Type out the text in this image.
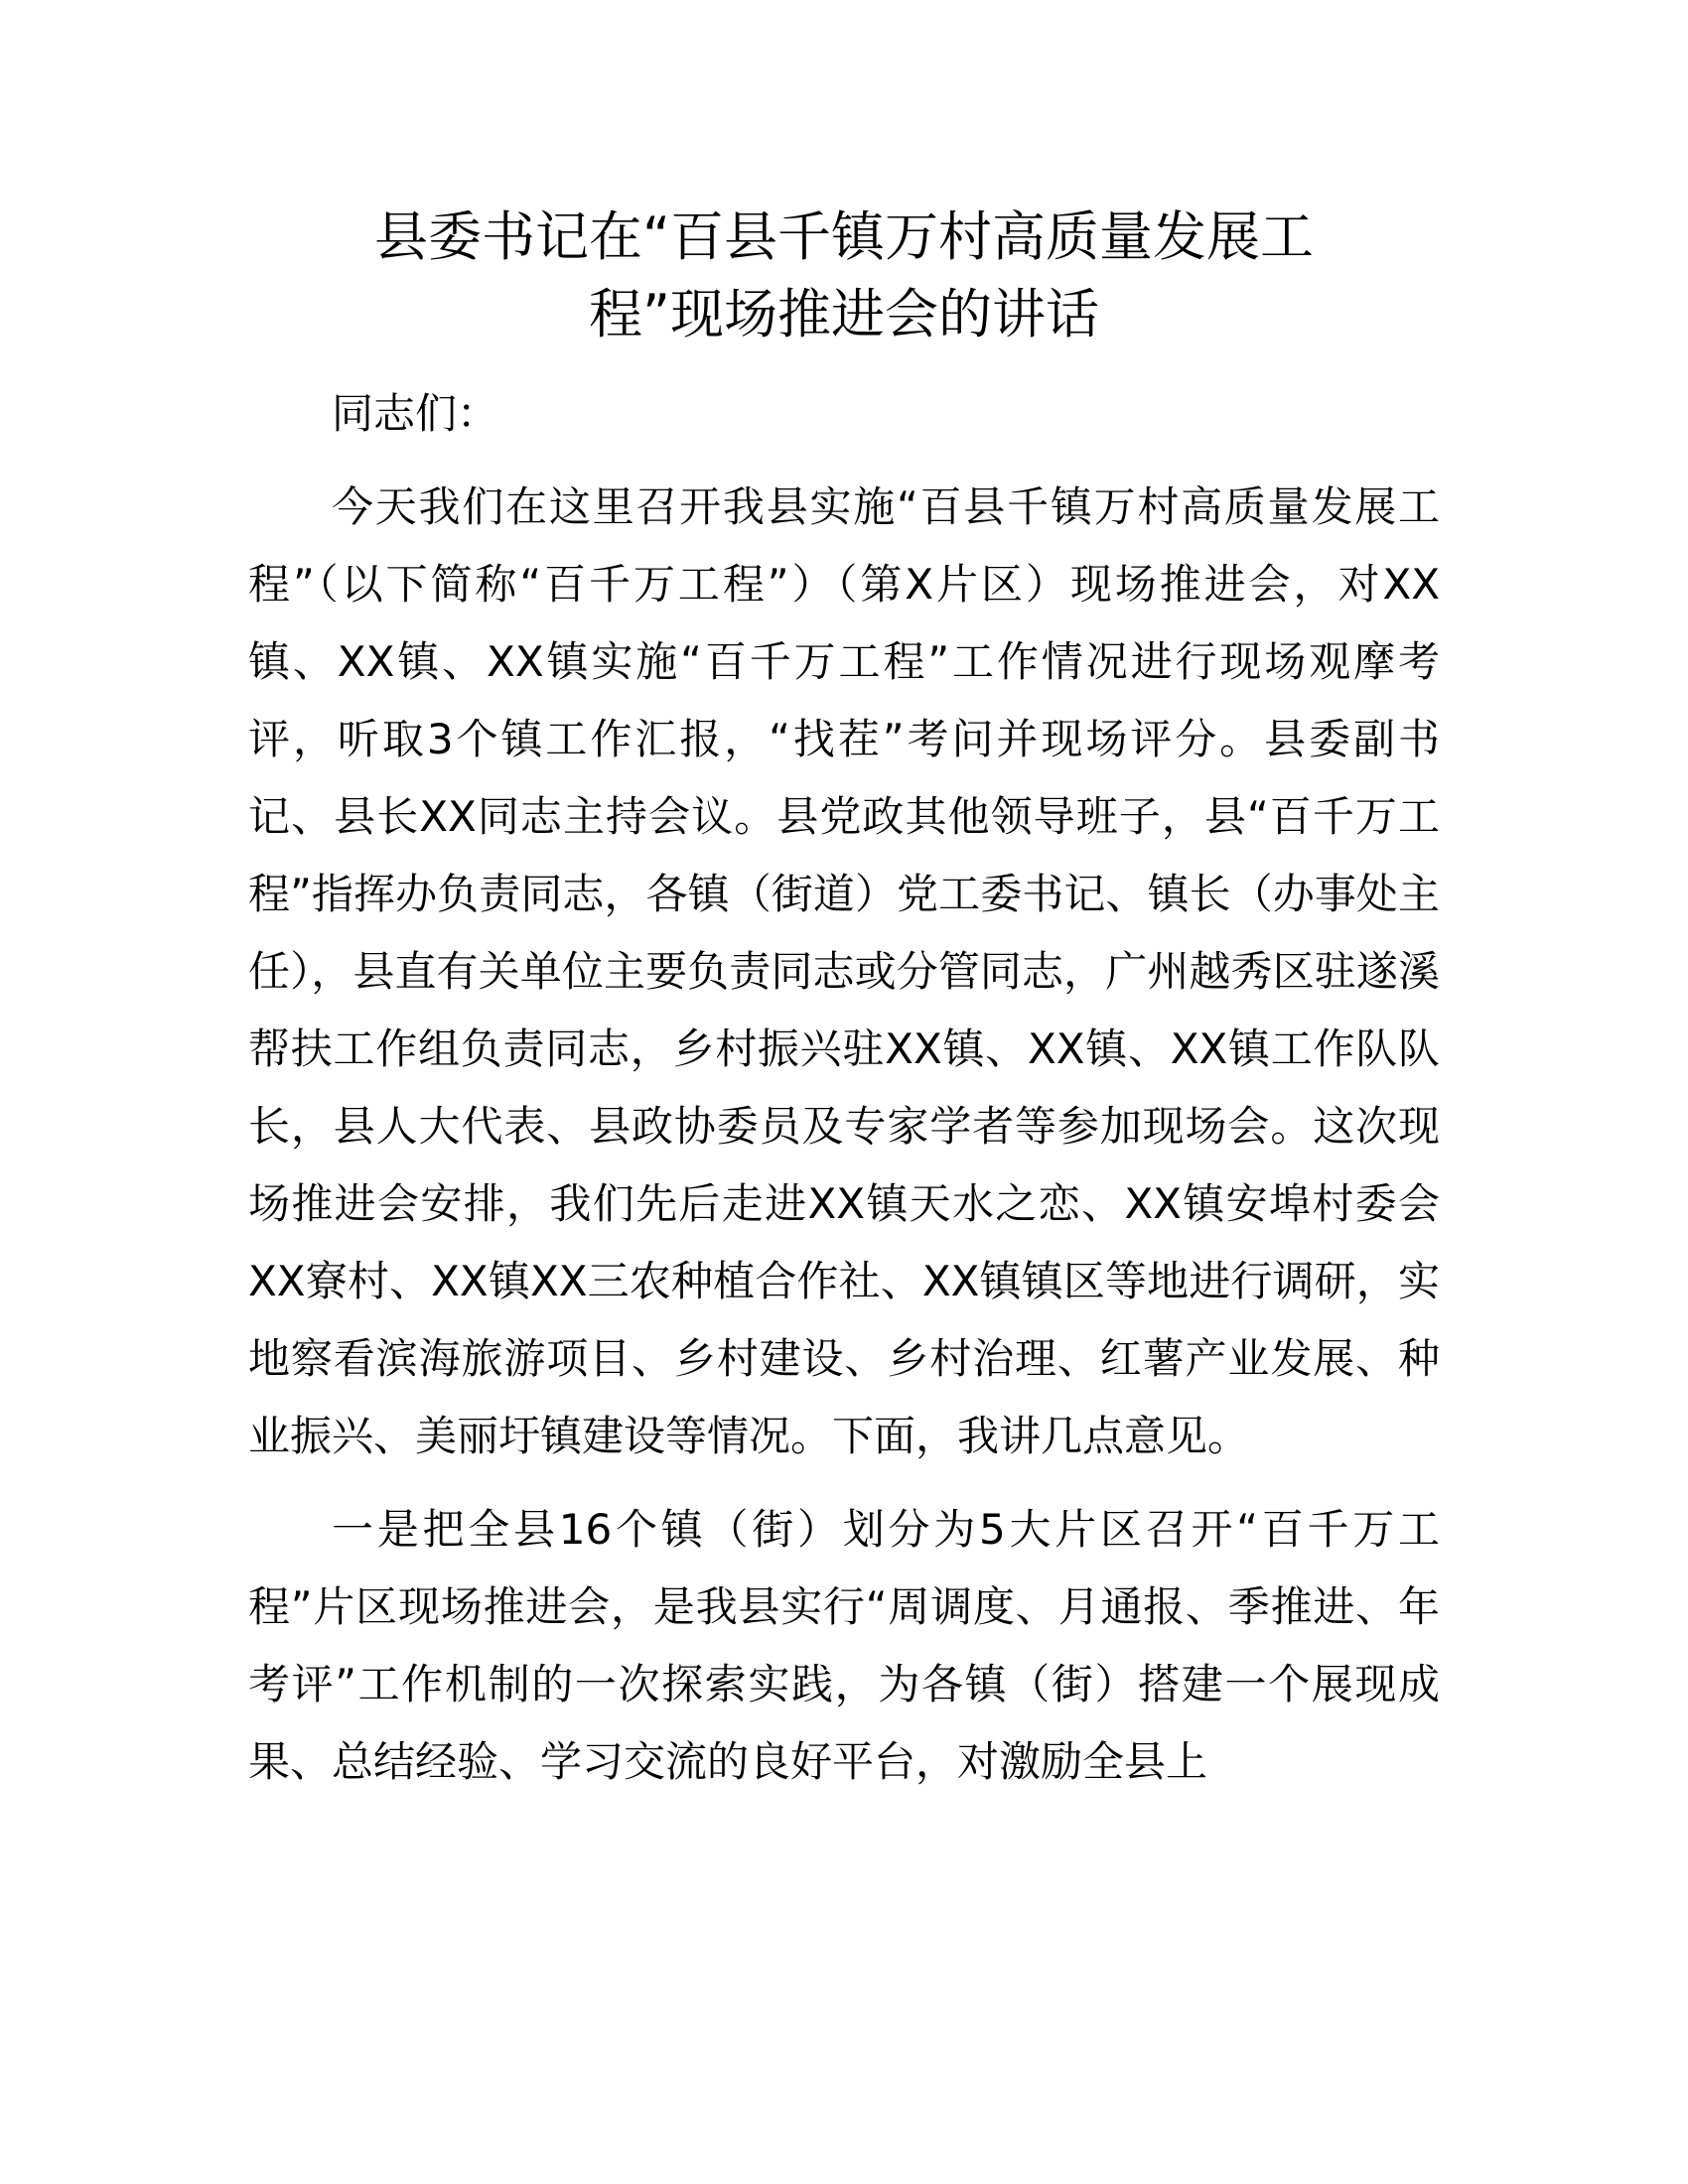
县委书记在“百县千镇万村高质量发展工
程”现场推进会的讲话

同志们：

今天我们在这里召开我县实施“百县千镇万村高质量发展工程”（以下简称“百千万工程”）（第X片区）现场推进会，对XX镇、XX镇、XX镇实施“百千万工程”工作情况进行现场观摩考评，听取3个镇工作汇报，“找茬”考问并现场评分。县委副书记、县长XX同志主持会议。县党政其他领导班子，县“百千万工程”指挥办负责同志，各镇（街道）党工委书记、镇长（办事处主任），县直有关单位主要负责同志或分管同志，广州越秀区驻遂溪帮扶工作组负责同志，乡村振兴驻XX镇、XX镇、XX镇工作队队长，县人大代表、县政协委员及专家学者等参加现场会。这次现场推进会安排，我们先后走进XX镇天水之恋、XX镇安埠村委会XX寮村、XX镇XX三农种植合作社、XX镇镇区等地进行调研，实地察看滨海旅游项目、乡村建设、乡村治理、红薯产业发展、种业振兴、美丽圩镇建设等情况。下面，我讲几点意见。

一是把全县16个镇（街）划分为5大片区召开“百千万工程”片区现场推进会，是我县实行“周调度、月通报、季推进、年考评”工作机制的一次探索实践，为各镇（街）搭建一个展现成果、总结经验、学习交流的良好平台，对激励全县上
